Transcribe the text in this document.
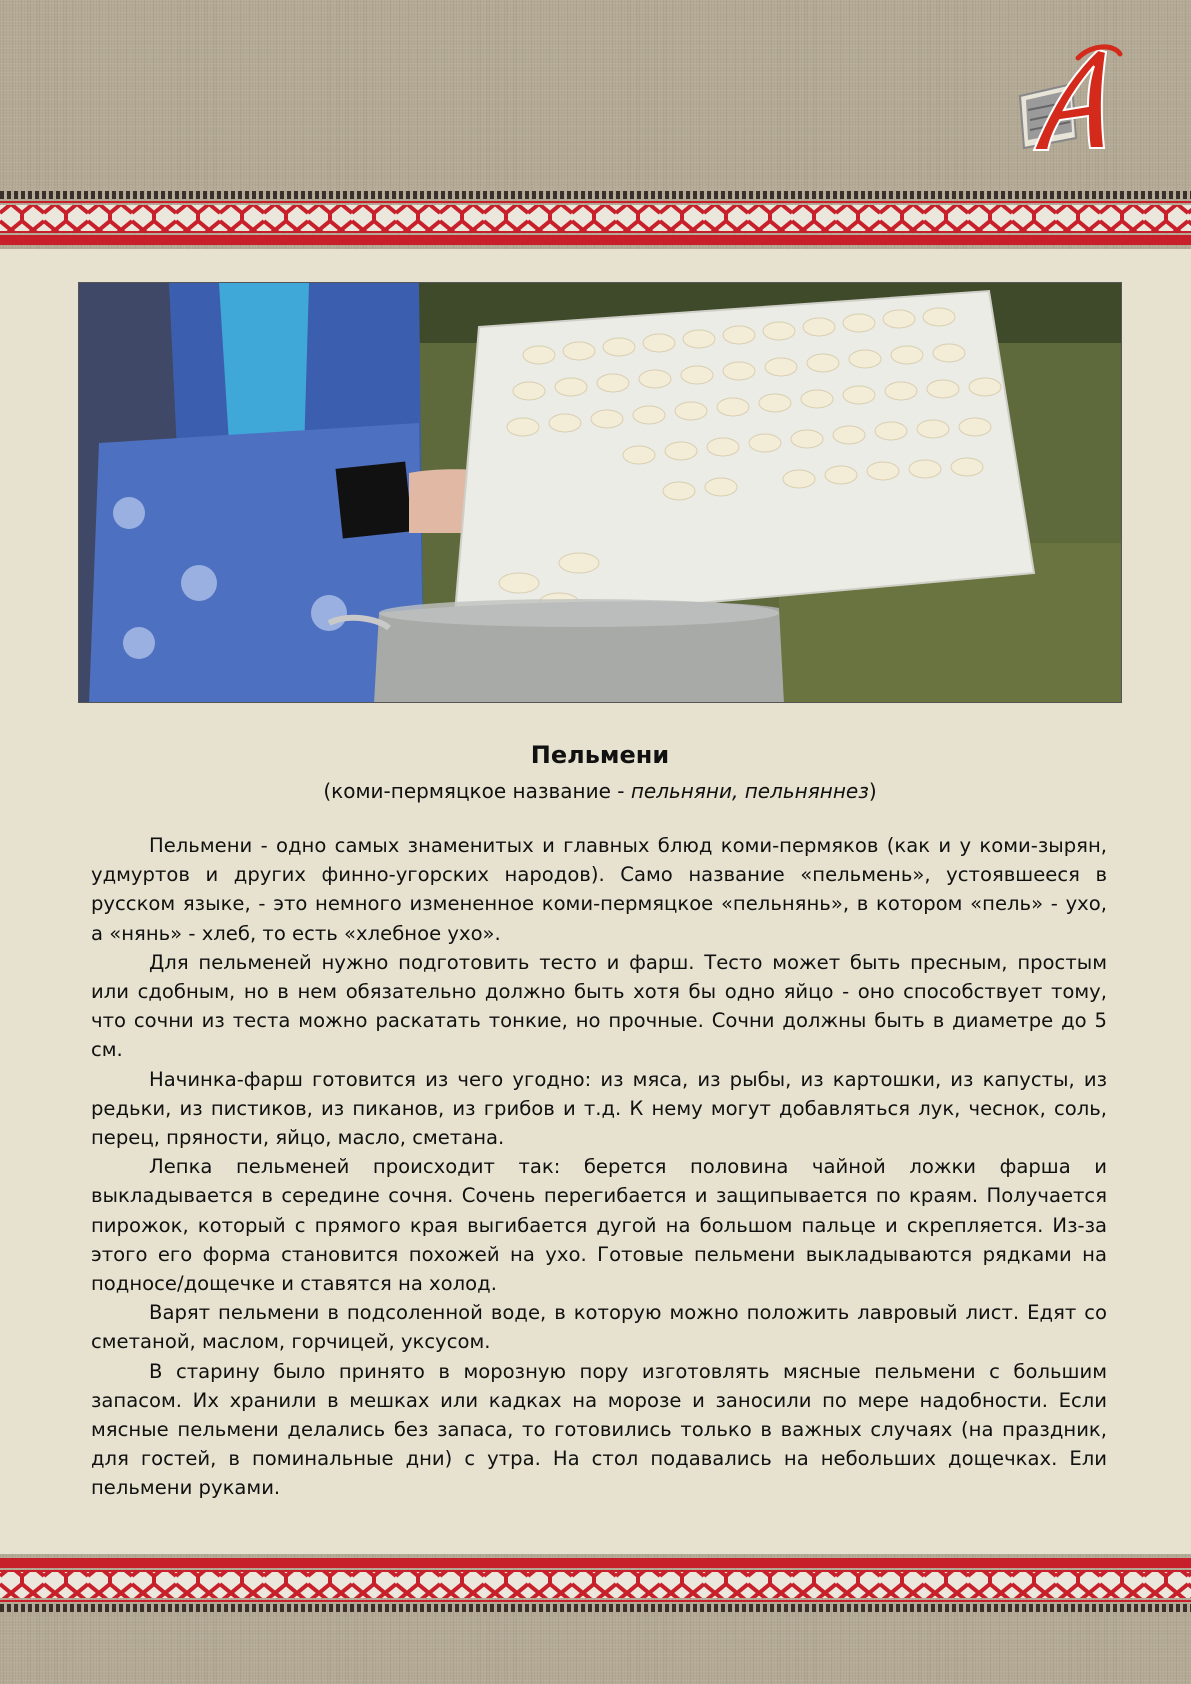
Пельмени
(коми-пермяцкое название - пельняни, пельняннез)

Пельмени - одно самых знаменитых и главных блюд коми-пермяков (как и у коми-зырян, удмуртов и других финно-угорских народов). Само название «пельмень», устоявшееся в русском языке, - это немного измененное коми-пермяцкое «пельнянь», в котором «пель» - ухо, а «нянь» - хлеб, то есть «хлебное ухо».

Для пельменей нужно подготовить тесто и фарш. Тесто может быть пресным, простым или сдобным, но в нем обязательно должно быть хотя бы одно яйцо - оно способствует тому, что сочни из теста можно раскатать тонкие, но прочные. Сочни должны быть в диаметре до 5 см.

Начинка-фарш готовится из чего угодно: из мяса, из рыбы, из картошки, из капусты, из редьки, из пистиков, из пиканов, из грибов и т.д. К нему могут добавляться лук, чеснок, соль, перец, пряности, яйцо, масло, сметана.

Лепка пельменей происходит так: берется половина чайной ложки фарша и выкладывается в середине сочня. Сочень перегибается и защипывается по краям. Получается пирожок, который с прямого края выгибается дугой на большом пальце и скрепляется. Из-за этого его форма становится похожей на ухо. Готовые пельмени выкладываются рядками на подносе/дощечке и ставятся на холод.

Варят пельмени в подсоленной воде, в которую можно положить лавровый лист. Едят со сметаной, маслом, горчицей, уксусом.

В старину было принято в морозную пору изготовлять мясные пельмени с большим запасом. Их хранили в мешках или кадках на морозе и заносили по мере надобности. Если мясные пельмени делались без запаса, то готовились только в важных случаях (на праздник, для гостей, в поминальные дни) с утра. На стол подавались на небольших дощечках. Ели пельмени руками.
